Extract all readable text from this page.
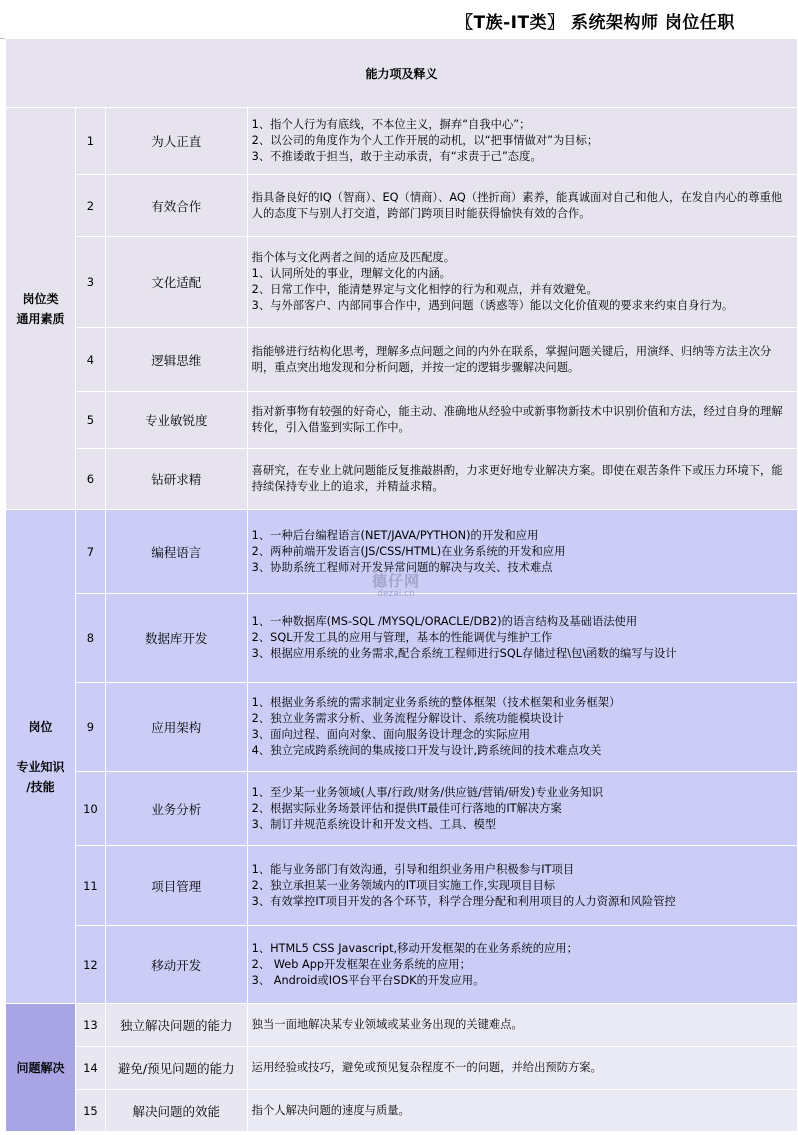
〖T族-IT类〗 系统架构师 岗位任职
能力项及释义			
岗位类
通用素质	1	为人正直	1、指个人行为有底线，不本位主义，摒弃“自我中心”；
2、以公司的角度作为个人工作开展的动机，以“把事情做对”为目标；
3、不推诿敢于担当，敢于主动承责，有“求责于己”态度。
	2	有效合作	指具备良好的IQ（智商）、EQ（情商）、AQ（挫折商）素养，能真诚面对自己和他人，在发自内心的尊重他人的态度下与别人打交道，跨部门跨项目时能获得愉快有效的合作。
	3	文化适配	指个体与文化两者之间的适应及匹配度。
1、认同所处的事业，理解文化的内涵。
2、日常工作中，能清楚界定与文化相悖的行为和观点，并有效避免。
3、与外部客户、内部同事合作中，遇到问题（诱惑等）能以文化价值观的要求来约束自身行为。
	4	逻辑思维	指能够进行结构化思考，理解多点问题之间的内外在联系，掌握问题关键后，用演绎、归纳等方法主次分明，重点突出地发现和分析问题，并按一定的逻辑步骤解决问题。
	5	专业敏锐度	指对新事物有较强的好奇心，能主动、准确地从经验中或新事物新技术中识别价值和方法，经过自身的理解转化，引入借鉴到实际工作中。
	6	钻研求精	喜研究，在专业上就问题能反复推敲斟酌，力求更好地专业解决方案。即使在艰苦条件下或压力环境下，能持续保持专业上的追求，并精益求精。
岗位

专业知识
/技能	7	编程语言	1、一种后台编程语言(NET/JAVA/PYTHON)的开发和应用
2、两种前端开发语言(JS/CSS/HTML)在业务系统的开发和应用
3、协助系统工程师对开发异常问题的解决与攻关、技术难点
	8	数据库开发	1、一种数据库(MS-SQL /MYSQL/ORACLE/DB2)的语言结构及基础语法使用
2、SQL开发工具的应用与管理，基本的性能调优与维护工作
3、根据应用系统的业务需求,配合系统工程师进行SQL存储过程\包\函数的编写与设计
	9	应用架构	1、根据业务系统的需求制定业务系统的整体框架（技术框架和业务框架）
2、独立业务需求分析、业务流程分解设计、系统功能模块设计
3、面向过程、面向对象、面向服务设计理念的实际应用
4、独立完成跨系统间的集成接口开发与设计,跨系统间的技术难点攻关
	10	业务分析	1、至少某一业务领域(人事/行政/财务/供应链/营销/研发)专业业务知识
2、根据实际业务场景评估和提供IT最佳可行落地的IT解决方案
3、制订并规范系统设计和开发文档、工具、模型
	11	项目管理	1、能与业务部门有效沟通，引导和组织业务用户积极参与IT项目
2、独立承担某一业务领域内的IT项目实施工作,实现项目目标
3、有效掌控IT项目开发的各个环节，科学合理分配和利用项目的人力资源和风险管控
	12	移动开发	1、HTML5 CSS Javascript,移动开发框架的在业务系统的应用；
2、 Web App开发框架在业务系统的应用；
3、 Android或IOS平台平台SDK的开发应用。
问题解决	13	独立解决问题的能力	独当一面地解决某专业领域或某业务出现的关键难点。
	14	避免/预见问题的能力	运用经验或技巧，避免或预见复杂程度不一的问题，并给出预防方案。
	15	解决问题的效能	指个人解决问题的速度与质量。
德仔网
dezai.cn
